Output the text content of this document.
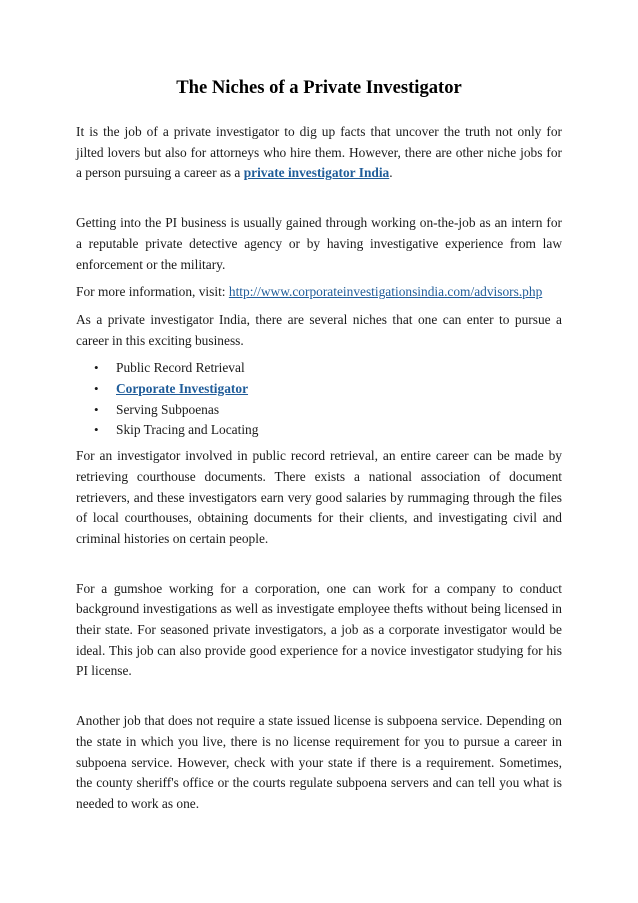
The Niches of a Private Investigator

It is the job of a private investigator to dig up facts that uncover the truth not only for jilted lovers but also for attorneys who hire them. However, there are other niche jobs for a person pursuing a career as a private investigator India.

Getting into the PI business is usually gained through working on-the-job as an intern for a reputable private detective agency or by having investigative experience from law enforcement or the military.

For more information, visit: http://www.corporateinvestigationsindia.com/advisors.php

As a private investigator India, there are several niches that one can enter to pursue a career in this exciting business.

• Public Record Retrieval
• Corporate Investigator
• Serving Subpoenas
• Skip Tracing and Locating

For an investigator involved in public record retrieval, an entire career can be made by retrieving courthouse documents. There exists a national association of document retrievers, and these investigators earn very good salaries by rummaging through the files of local courthouses, obtaining documents for their clients, and investigating civil and criminal histories on certain people.

For a gumshoe working for a corporation, one can work for a company to conduct background investigations as well as investigate employee thefts without being licensed in their state. For seasoned private investigators, a job as a corporate investigator would be ideal. This job can also provide good experience for a novice investigator studying for his PI license.

Another job that does not require a state issued license is subpoena service. Depending on the state in which you live, there is no license requirement for you to pursue a career in subpoena service. However, check with your state if there is a requirement. Sometimes, the county sheriff's office or the courts regulate subpoena servers and can tell you what is needed to work as one.
